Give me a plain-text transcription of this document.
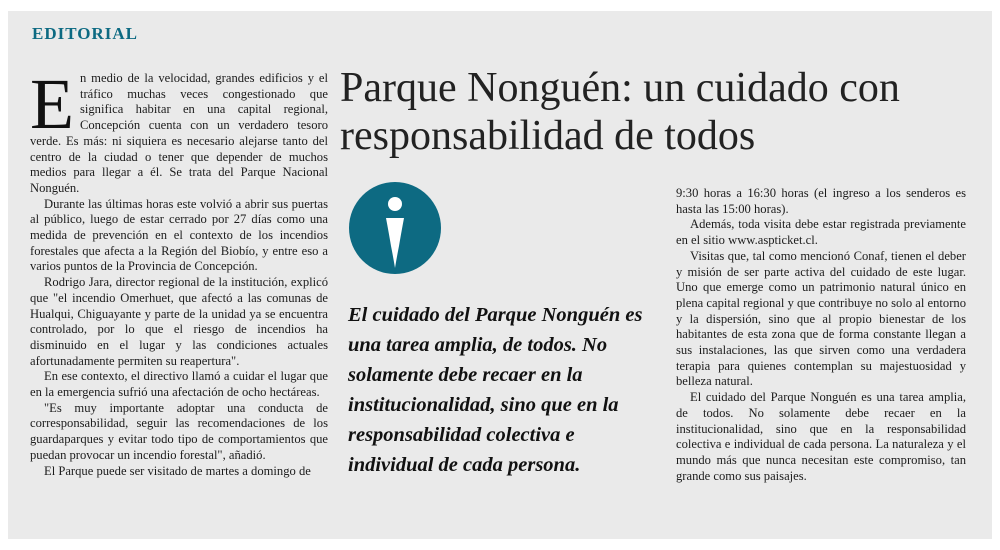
EDITORIAL
Parque Nonguén: un cuidado con responsabilidad de todos

En medio de la velocidad, grandes edificios y el tráfico muchas veces congestionado que significa habitar en una capital regional, Concepción cuenta con un verdadero tesoro verde. Es más: ni siquiera es necesario alejarse tanto del centro de la ciudad o tener que depender de muchos medios para llegar a él. Se trata del Parque Nacional Nonguén.

Durante las últimas horas este volvió a abrir sus puertas al público, luego de estar cerrado por 27 días como una medida de prevención en el contexto de los incendios forestales que afecta a la Región del Biobío, y entre eso a varios puntos de la Provincia de Concepción.

Rodrigo Jara, director regional de la institución, explicó que "el incendio Omerhuet, que afectó a las comunas de Hualqui, Chiguayante y parte de la unidad ya se encuentra controlado, por lo que el riesgo de incendios ha disminuido en el lugar y las condiciones actuales afortunadamente permiten su reapertura".

En ese contexto, el directivo llamó a cuidar el lugar que en la emergencia sufrió una afectación de ocho hectáreas.

"Es muy importante adoptar una conducta de corresponsabilidad, seguir las recomendaciones de los guardaparques y evitar todo tipo de comportamientos que puedan provocar un incendio forestal", añadió.

El Parque puede ser visitado de martes a domingo de

El cuidado del Parque Nonguén es una tarea amplia, de todos. No solamente debe recaer en la institucionalidad, sino que en la responsabilidad colectiva e individual de cada persona.

9:30 horas a 16:30 horas (el ingreso a los senderos es hasta las 15:00 horas).

Además, toda visita debe estar registrada previamente en el sitio www.aspticket.cl.

Visitas que, tal como mencionó Conaf, tienen el deber y misión de ser parte activa del cuidado de este lugar. Uno que emerge como un patrimonio natural único en plena capital regional y que contribuye no solo al entorno y la dispersión, sino que al propio bienestar de los habitantes de esta zona que de forma constante llegan a sus instalaciones, las que sirven como una verdadera terapia para quienes contemplan su majestuosidad y belleza natural.

El cuidado del Parque Nonguén es una tarea amplia, de todos. No solamente debe recaer en la institucionalidad, sino que en la responsabilidad colectiva e individual de cada persona. La naturaleza y el mundo más que nunca necesitan este compromiso, tan grande como sus paisajes.
